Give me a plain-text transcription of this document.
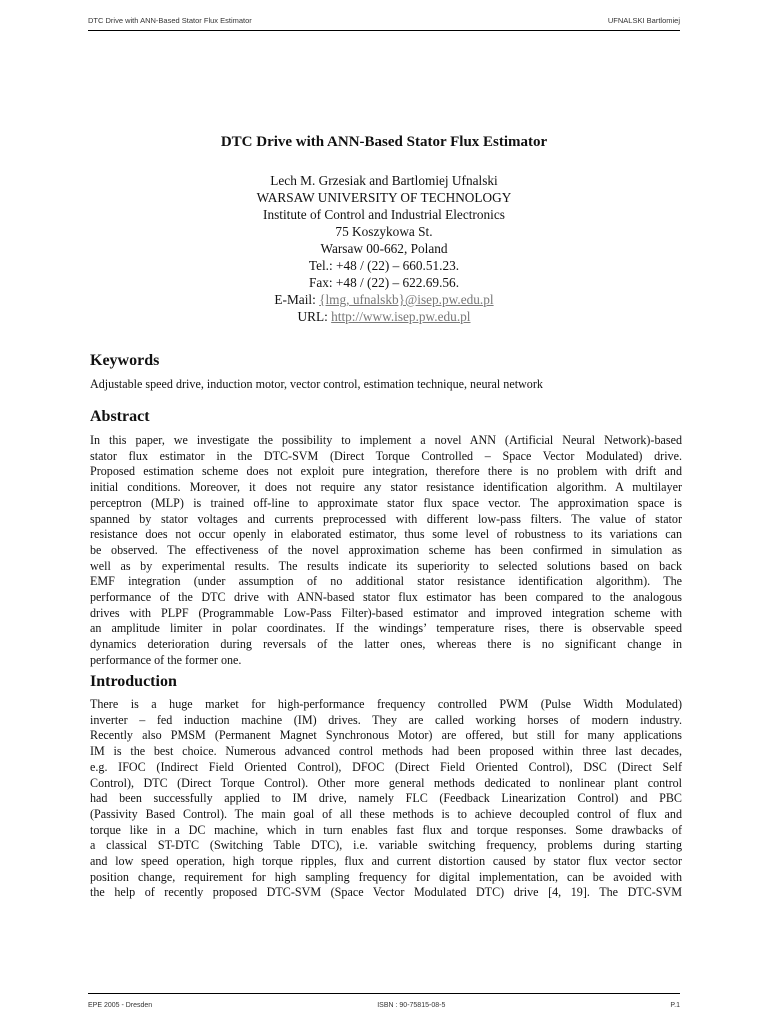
DTC Drive with ANN-Based Stator Flux Estimator	UFNALSKI Bartlomiej
DTC Drive with ANN-Based Stator Flux Estimator
Lech M. Grzesiak and Bartlomiej Ufnalski
WARSAW UNIVERSITY OF TECHNOLOGY
Institute of Control and Industrial Electronics
75 Koszykowa St.
Warsaw 00-662, Poland
Tel.: +48 / (22) – 660.51.23.
Fax: +48 / (22) – 622.69.56.
E-Mail: {lmg, ufnalskb}@isep.pw.edu.pl
URL: http://www.isep.pw.edu.pl
Keywords

Adjustable speed drive, induction motor, vector control, estimation technique, neural network

Abstract

In this paper, we investigate the possibility to implement a novel ANN (Artificial Neural Network)-based
stator flux estimator in the DTC-SVM (Direct Torque Controlled – Space Vector Modulated) drive.
Proposed estimation scheme does not exploit pure integration, therefore there is no problem with drift and
initial conditions. Moreover, it does not require any stator resistance identification algorithm. A multilayer
perceptron (MLP) is trained off-line to approximate stator flux space vector. The approximation space is
spanned by stator voltages and currents preprocessed with different low-pass filters. The value of stator
resistance does not occur openly in elaborated estimator, thus some level of robustness to its variations can
be observed. The effectiveness of the novel approximation scheme has been confirmed in simulation as
well as by experimental results. The results indicate its superiority to selected solutions based on back
EMF integration (under assumption of no additional stator resistance identification algorithm). The
performance of the DTC drive with ANN-based stator flux estimator has been compared to the analogous
drives with PLPF (Programmable Low-Pass Filter)-based estimator and improved integration scheme with
an amplitude limiter in polar coordinates. If the windings’ temperature rises, there is observable speed
dynamics deterioration during reversals of the latter ones, whereas there is no significant change in
performance of the former one.

Introduction

There is a huge market for high-performance frequency controlled PWM (Pulse Width Modulated)
inverter – fed induction machine (IM) drives. They are called working horses of modern industry.
Recently also PMSM (Permanent Magnet Synchronous Motor) are offered, but still for many applications
IM is the best choice. Numerous advanced control methods had been proposed within three last decades,
e.g. IFOC (Indirect Field Oriented Control), DFOC (Direct Field Oriented Control), DSC (Direct Self
Control), DTC (Direct Torque Control). Other more general methods dedicated to nonlinear plant control
had been successfully applied to IM drive, namely FLC (Feedback Linearization Control) and PBC
(Passivity Based Control). The main goal of all these methods is to achieve decoupled control of flux and
torque like in a DC machine, which in turn enables fast flux and torque responses. Some drawbacks of
a classical ST-DTC (Switching Table DTC), i.e. variable switching frequency, problems during starting
and low speed operation, high torque ripples, flux and current distortion caused by stator flux vector sector
position change, requirement for high sampling frequency for digital implementation, can be avoided with
the help of recently proposed DTC-SVM (Space Vector Modulated DTC) drive [4, 19]. The DTC-SVM

EPE 2005 - Dresden	ISBN : 90-75815-08-5	P.1
